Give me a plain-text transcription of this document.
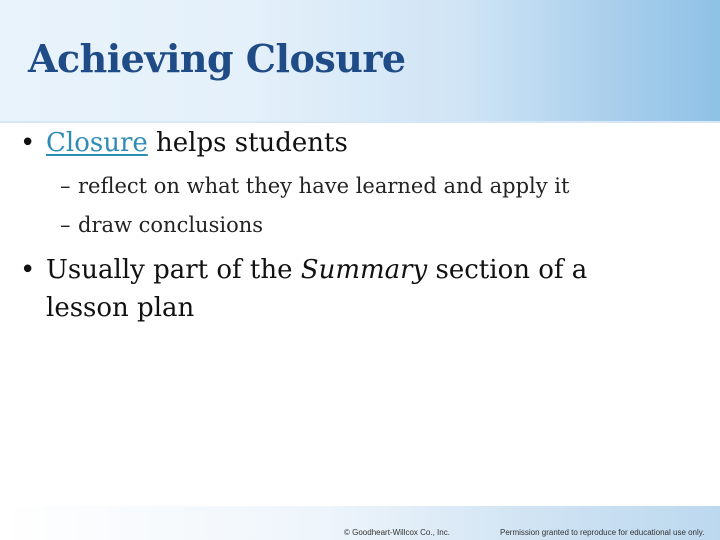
Achieving Closure
• Closure helps students
– reflect on what they have learned and apply it
– draw conclusions
• Usually part of the Summary section of a
lesson plan
© Goodheart-Willcox Co., Inc.	Permission granted to reproduce for educational use only.
